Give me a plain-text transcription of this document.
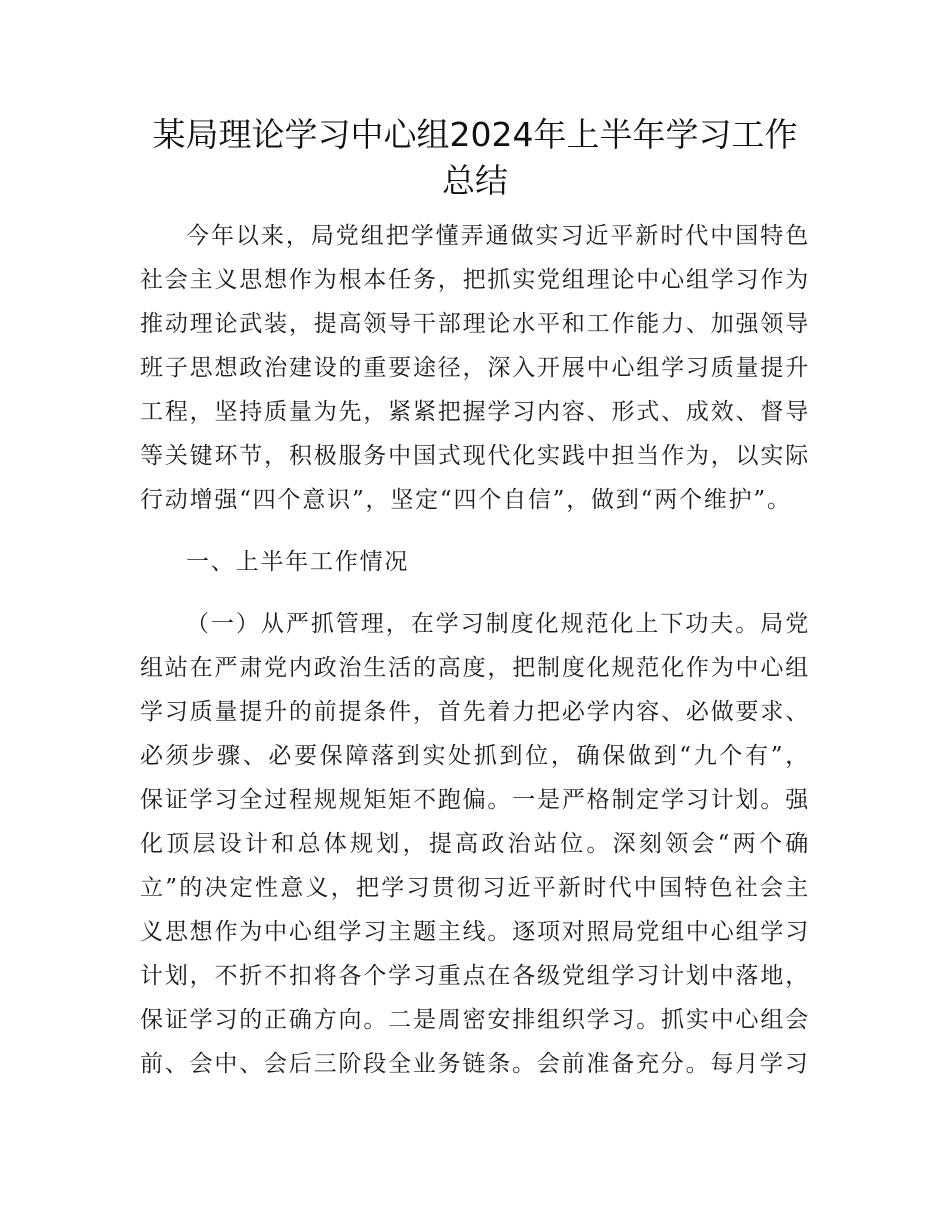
某局理论学习中心组2024年上半年学习工作总结

今年以来，局党组把学懂弄通做实习近平新时代中国特色社会主义思想作为根本任务，把抓实党组理论中心组学习作为推动理论武装，提高领导干部理论水平和工作能力、加强领导班子思想政治建设的重要途径，深入开展中心组学习质量提升工程，坚持质量为先，紧紧把握学习内容、形式、成效、督导等关键环节，积极服务中国式现代化实践中担当作为，以实际行动增强“四个意识”，坚定“四个自信”，做到“两个维护”。

一、上半年工作情况

（一）从严抓管理，在学习制度化规范化上下功夫。局党组站在严肃党内政治生活的高度，把制度化规范化作为中心组学习质量提升的前提条件，首先着力把必学内容、必做要求、必须步骤、必要保障落到实处抓到位，确保做到“九个有”，保证学习全过程规规矩矩不跑偏。一是严格制定学习计划。强化顶层设计和总体规划，提高政治站位。深刻领会“两个确立”的决定性意义，把学习贯彻习近平新时代中国特色社会主义思想作为中心组学习主题主线。逐项对照局党组中心组学习计划，不折不扣将各个学习重点在各级党组学习计划中落地，保证学习的正确方向。二是周密安排组织学习。抓实中心组会前、会中、会后三阶段全业务链条。会前准备充分。每月学习
